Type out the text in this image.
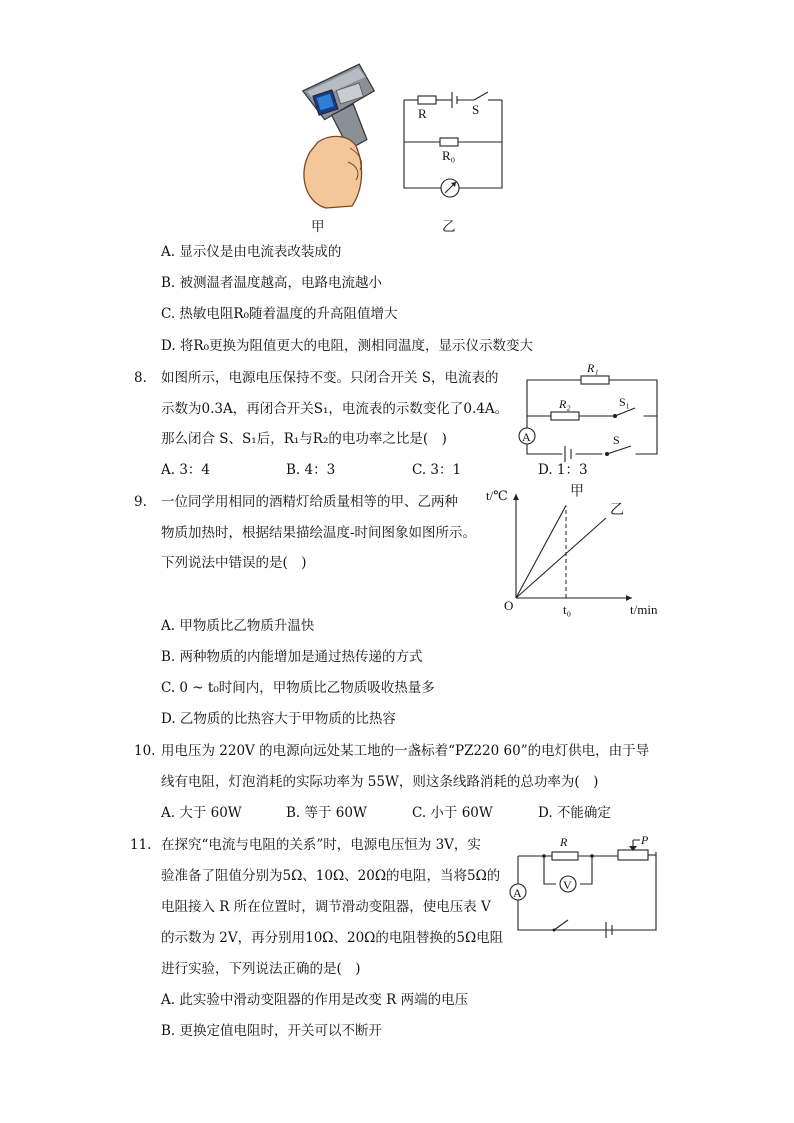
甲
R	S
R₀
乙
A. 显示仪是由电流表改装成的
B. 被测温者温度越高，电路电流越小
C. 热敏电阻R₀随着温度的升高阻值增大
D. 将R₀更换为阻值更大的电阻，测相同温度，显示仪示数变大
8. 如图所示，电源电压保持不变。只闭合开关 S，电流表的
示数为0.3A，再闭合开关S₁，电流表的示数变化了0.4A。
那么闭合 S、S₁后，R₁与R₂的电功率之比是(　)
A. 3：4	B. 4：3	C. 3：1	D. 1：3
A
R₁
R₂	S₁
S
9. 一位同学用相同的酒精灯给质量相等的甲、乙两种
物质加热时，根据结果描绘温度-时间图象如图所示。
下列说法中错误的是(　)
t/℃
t/min
O	t₀
甲
乙
A. 甲物质比乙物质升温快
B. 两种物质的内能增加是通过热传递的方式
C. 0 ~ t₀时间内，甲物质比乙物质吸收热量多
D. 乙物质的比热容大于甲物质的比热容
10. 用电压为 220V 的电源向远处某工地的一盏标着“PZ220 60”的电灯供电，由于导
线有电阻，灯泡消耗的实际功率为 55W，则这条线路消耗的总功率为(　)
A. 大于 60W	B. 等于 60W	C. 小于 60W	D. 不能确定
11. 在探究“电流与电阻的关系”时，电源电压恒为 3V，实
验准备了阻值分别为5Ω、10Ω、20Ω的电阻，当将5Ω的
电阻接入 R 所在位置时，调节滑动变阻器，使电压表 V
的示数为 2V，再分别用10Ω、20Ω的电阻替换的5Ω电阻
进行实验，下列说法正确的是(　)
A. 此实验中滑动变阻器的作用是改变 R 两端的电压
B. 更换定值电阻时，开关可以不断开
A
V
R	P
